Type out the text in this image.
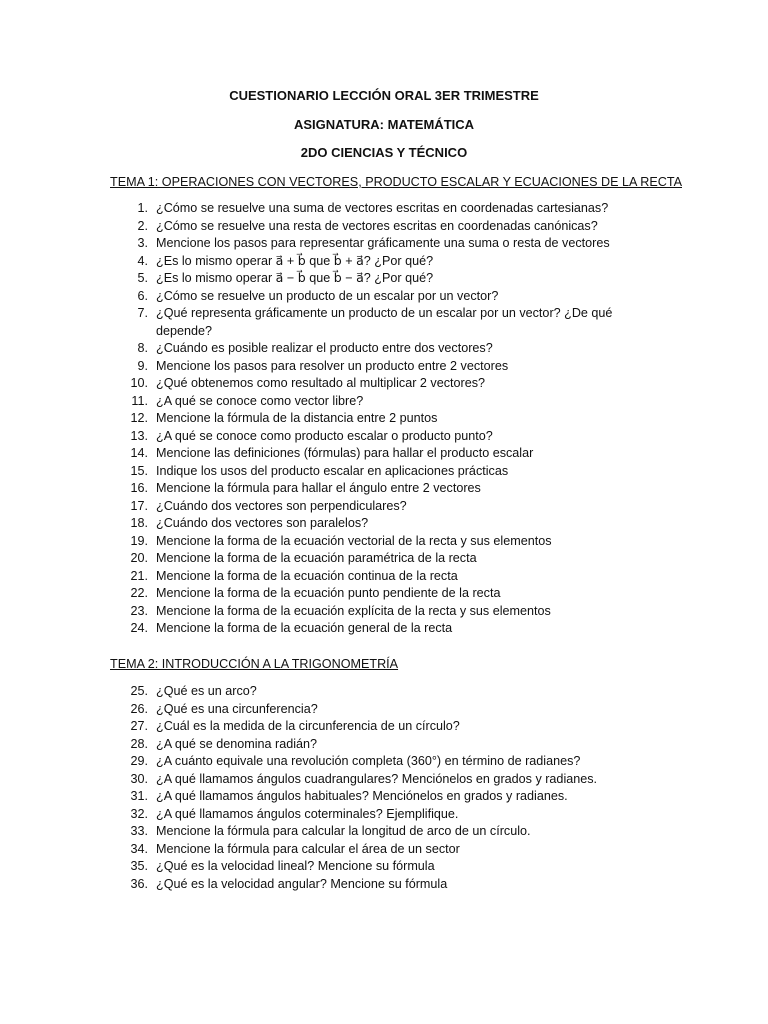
CUESTIONARIO LECCIÓN ORAL 3ER TRIMESTRE

ASIGNATURA: MATEMÁTICA

2DO CIENCIAS Y TÉCNICO

TEMA 1: OPERACIONES CON VECTORES, PRODUCTO ESCALAR Y ECUACIONES DE LA RECTA

1. ¿Cómo se resuelve una suma de vectores escritas en coordenadas cartesianas?
2. ¿Cómo se resuelve una resta de vectores escritas en coordenadas canónicas?
3. Mencione los pasos para representar gráficamente una suma o resta de vectores
4. ¿Es lo mismo operar a⃗ + b⃗ que b⃗ + a⃗? ¿Por qué?
5. ¿Es lo mismo operar a⃗ − b⃗ que b⃗ − a⃗? ¿Por qué?
6. ¿Cómo se resuelve un producto de un escalar por un vector?
7. ¿Qué representa gráficamente un producto de un escalar por un vector? ¿De qué depende?
8. ¿Cuándo es posible realizar el producto entre dos vectores?
9. Mencione los pasos para resolver un producto entre 2 vectores
10. ¿Qué obtenemos como resultado al multiplicar 2 vectores?
11. ¿A qué se conoce como vector libre?
12. Mencione la fórmula de la distancia entre 2 puntos
13. ¿A qué se conoce como producto escalar o producto punto?
14. Mencione las definiciones (fórmulas) para hallar el producto escalar
15. Indique los usos del producto escalar en aplicaciones prácticas
16. Mencione la fórmula para hallar el ángulo entre 2 vectores
17. ¿Cuándo dos vectores son perpendiculares?
18. ¿Cuándo dos vectores son paralelos?
19. Mencione la forma de la ecuación vectorial de la recta y sus elementos
20. Mencione la forma de la ecuación paramétrica de la recta
21. Mencione la forma de la ecuación continua de la recta
22. Mencione la forma de la ecuación punto pendiente de la recta
23. Mencione la forma de la ecuación explícita de la recta y sus elementos
24. Mencione la forma de la ecuación general de la recta

TEMA 2: INTRODUCCIÓN A LA TRIGONOMETRÍA

25. ¿Qué es un arco?
26. ¿Qué es una circunferencia?
27. ¿Cuál es la medida de la circunferencia de un círculo?
28. ¿A qué se denomina radián?
29. ¿A cuánto equivale una revolución completa (360°) en término de radianes?
30. ¿A qué llamamos ángulos cuadrangulares? Menciónelos en grados y radianes.
31. ¿A qué llamamos ángulos habituales? Menciónelos en grados y radianes.
32. ¿A qué llamamos ángulos coterminales? Ejemplifique.
33. Mencione la fórmula para calcular la longitud de arco de un círculo.
34. Mencione la fórmula para calcular el área de un sector
35. ¿Qué es la velocidad lineal? Mencione su fórmula
36. ¿Qué es la velocidad angular? Mencione su fórmula
